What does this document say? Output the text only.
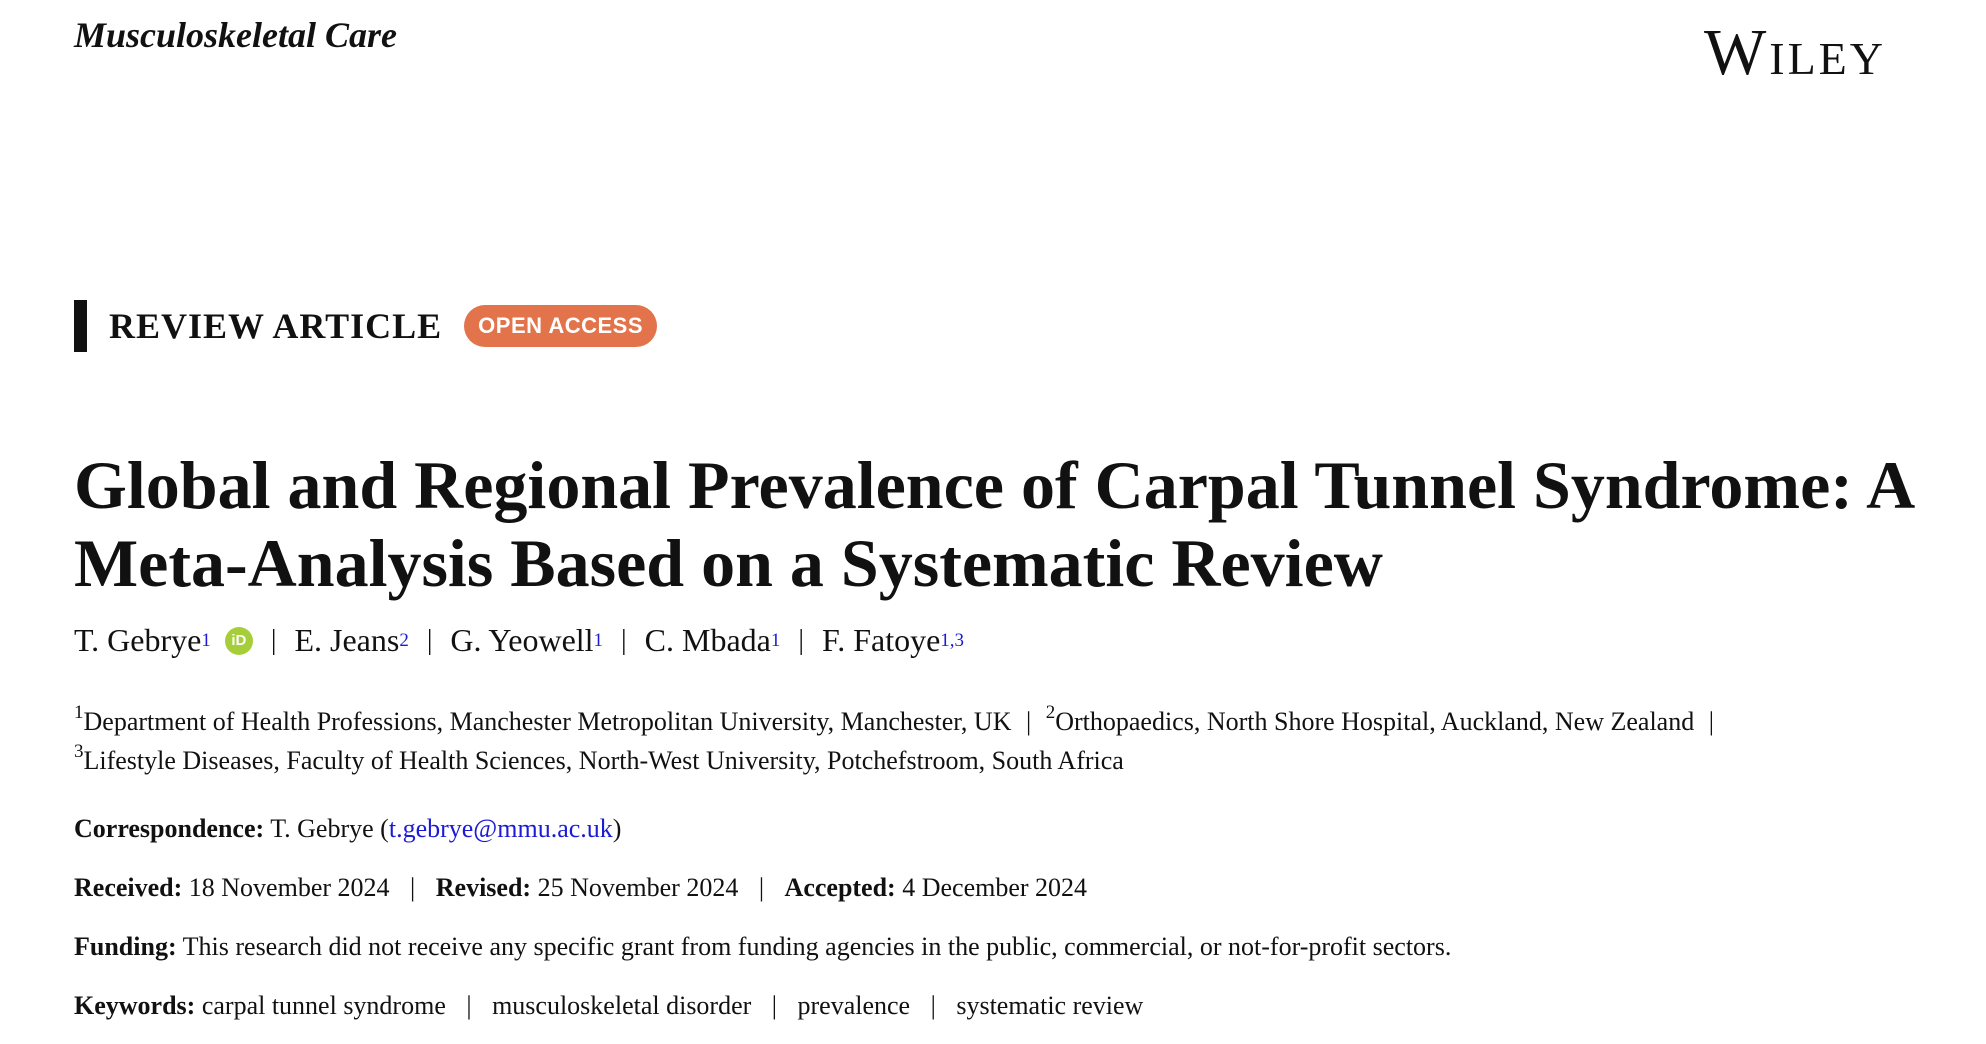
Musculoskeletal Care	Wiley
REVIEW ARTICLE	OPEN ACCESS
Global and Regional Prevalence of Carpal Tunnel Syndrome: A Meta-Analysis Based on a Systematic Review
T. Gebrye 1	iD | E. Jeans 2 | G. Yeowell 1 | C. Mbada 1 | F. Fatoye 1,3
$^1$Department of Health Professions, Manchester Metropolitan University, Manchester, UK | $^2$Orthopaedics, North Shore Hospital, Auckland, New Zealand | $^3$Lifestyle Diseases, Faculty of Health Sciences, North-West University, Potchefstroom, South Africa
Correspondence: T. Gebrye (t.gebrye@mmu.ac.uk)
Received: 18 November 2024 | Revised: 25 November 2024 | Accepted: 4 December 2024
Funding: This research did not receive any specific grant from funding agencies in the public, commercial, or not-for-profit sectors.
Keywords: carpal tunnel syndrome | musculoskeletal disorder | prevalence | systematic review
